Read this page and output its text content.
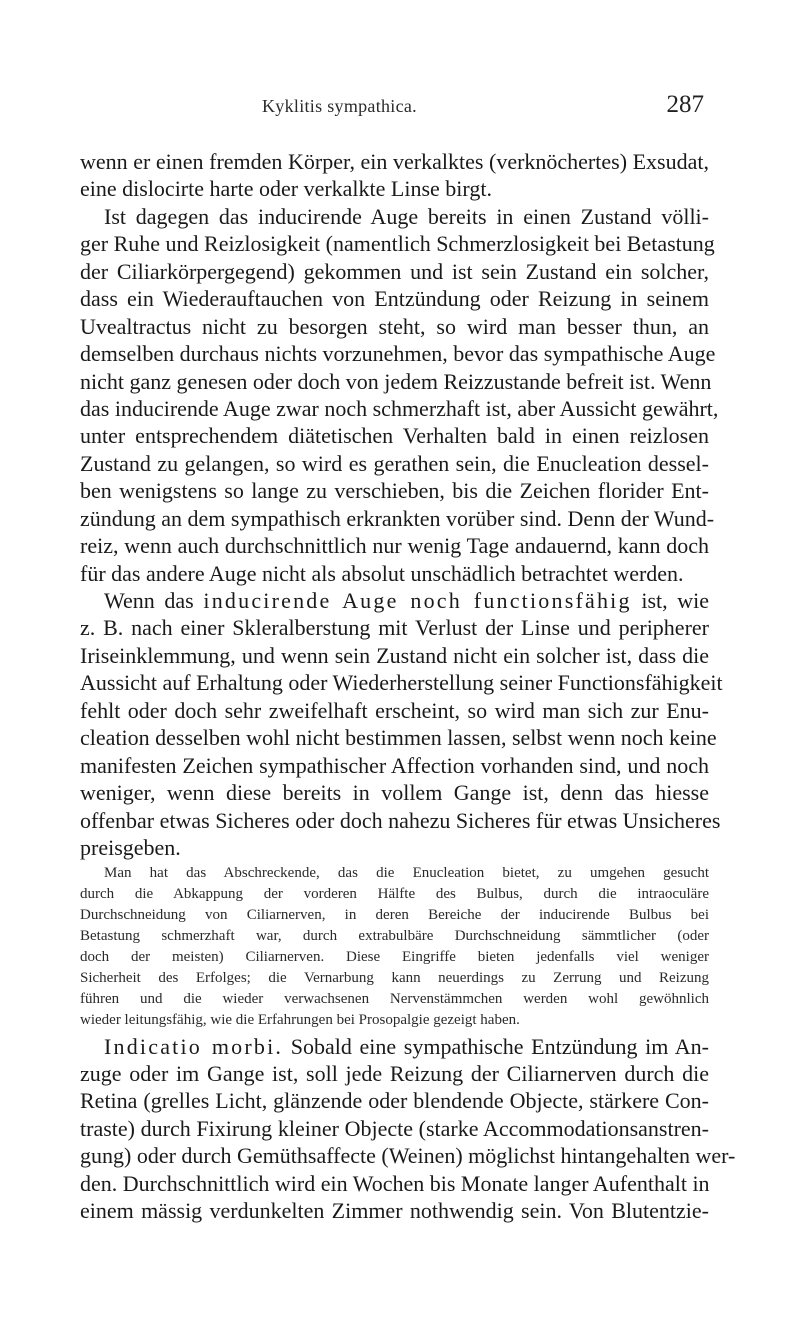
Kyklitis sympathica.	287
wenn er einen fremden Körper, ein verkalktes (verknöchertes) Exsudat,
eine dislocirte harte oder verkalkte Linse birgt.
Ist dagegen das inducirende Auge bereits in einen Zustand völli-
ger Ruhe und Reizlosigkeit (namentlich Schmerzlosigkeit bei Betastung
der Ciliarkörpergegend) gekommen und ist sein Zustand ein solcher,
dass ein Wiederauftauchen von Entzündung oder Reizung in seinem
Uvealtractus nicht zu besorgen steht, so wird man besser thun, an
demselben durchaus nichts vorzunehmen, bevor das sympathische Auge
nicht ganz genesen oder doch von jedem Reizzustande befreit ist. Wenn
das inducirende Auge zwar noch schmerzhaft ist, aber Aussicht gewährt,
unter entsprechendem diätetischen Verhalten bald in einen reizlosen
Zustand zu gelangen, so wird es gerathen sein, die Enucleation dessel-
ben wenigstens so lange zu verschieben, bis die Zeichen florider Ent-
zündung an dem sympathisch erkrankten vorüber sind. Denn der Wund-
reiz, wenn auch durchschnittlich nur wenig Tage andauernd, kann doch
für das andere Auge nicht als absolut unschädlich betrachtet werden.
Wenn das inducirende Auge noch functionsfähig ist, wie
z. B. nach einer Skleralberstung mit Verlust der Linse und peripherer
Iriseinklemmung, und wenn sein Zustand nicht ein solcher ist, dass die
Aussicht auf Erhaltung oder Wiederherstellung seiner Functionsfähigkeit
fehlt oder doch sehr zweifelhaft erscheint, so wird man sich zur Enu-
cleation desselben wohl nicht bestimmen lassen, selbst wenn noch keine
manifesten Zeichen sympathischer Affection vorhanden sind, und noch
weniger, wenn diese bereits in vollem Gange ist, denn das hiesse
offenbar etwas Sicheres oder doch nahezu Sicheres für etwas Unsicheres
preisgeben.
Man hat das Abschreckende, das die Enucleation bietet, zu umgehen gesucht
durch die Abkappung der vorderen Hälfte des Bulbus, durch die intraoculäre
Durchschneidung von Ciliarnerven, in deren Bereiche der inducirende Bulbus bei
Betastung schmerzhaft war, durch extrabulbäre Durchschneidung sämmtlicher (oder
doch der meisten) Ciliarnerven. Diese Eingriffe bieten jedenfalls viel weniger
Sicherheit des Erfolges; die Vernarbung kann neuerdings zu Zerrung und Reizung
führen und die wieder verwachsenen Nervenstämmchen werden wohl gewöhnlich
wieder leitungsfähig, wie die Erfahrungen bei Prosopalgie gezeigt haben.
Indicatio morbi. Sobald eine sympathische Entzündung im An-
zuge oder im Gange ist, soll jede Reizung der Ciliarnerven durch die
Retina (grelles Licht, glänzende oder blendende Objecte, stärkere Con-
traste) durch Fixirung kleiner Objecte (starke Accommodationsanstren-
gung) oder durch Gemüthsaffecte (Weinen) möglichst hintangehalten wer-
den. Durchschnittlich wird ein Wochen bis Monate langer Aufenthalt in
einem mässig verdunkelten Zimmer nothwendig sein. Von Blutentzie-
